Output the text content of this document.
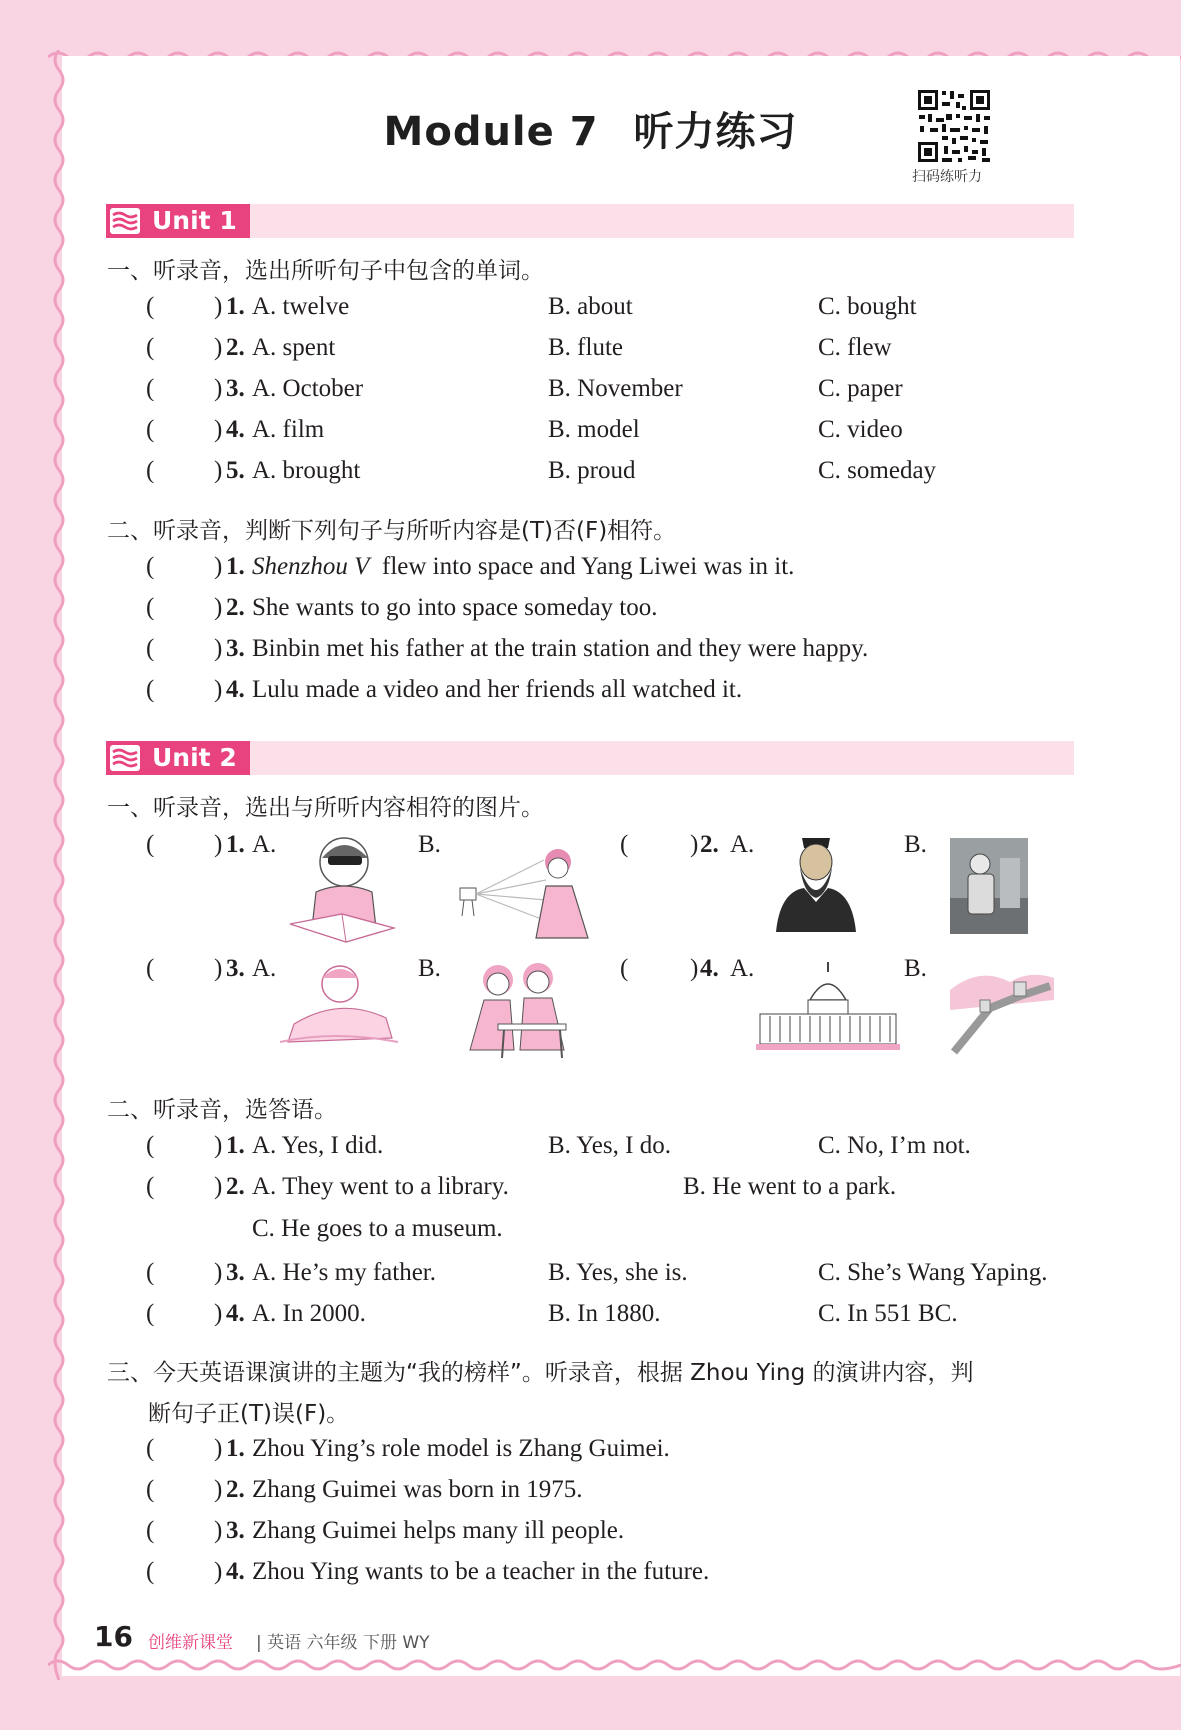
Module 7 听力练习
扫码练听力
Unit 1
一、听录音，选出所听句子中包含的单词。
( ) 1. A. twelve	B. about	C. bought
( ) 2. A. spent	B. flute	C. flew
( ) 3. A. October	B. November	C. paper
( ) 4. A. film	B. model	C. video
( ) 5. A. brought	B. proud	C. someday
二、听录音，判断下列句子与所听内容是(T)否(F)相符。
( ) 1. Shenzhou V flew into space and Yang Liwei was in it.
( ) 2. She wants to go into space someday too.
( ) 3. Binbin met his father at the train station and they were happy.
( ) 4. Lulu made a video and her friends all watched it.
Unit 2
一、听录音，选出与所听内容相符的图片。
( ) 1. A.	B.	( ) 2. A.	B.
( ) 3. A.	B.	( ) 4. A.	B.
二、听录音，选答语。
( ) 1. A. Yes, I did.	B. Yes, I do.	C. No, I’m not.
( ) 2. A. They went to a library.	B. He went to a park.
C. He goes to a museum.
( ) 3. A. He’s my father.	B. Yes, she is.	C. She’s Wang Yaping.
( ) 4. A. In 2000.	B. In 1880.	C. In 551 BC.
三、今天英语课演讲的主题为“我的榜样”。听录音，根据 Zhou Ying 的演讲内容，判
断句子正(T)误(F)。
( ) 1. Zhou Ying’s role model is Zhang Guimei.
( ) 2. Zhang Guimei was born in 1975.
( ) 3. Zhang Guimei helps many ill people.
( ) 4. Zhou Ying wants to be a teacher in the future.
16 创维新课堂 | 英语 六年级 下册 WY
